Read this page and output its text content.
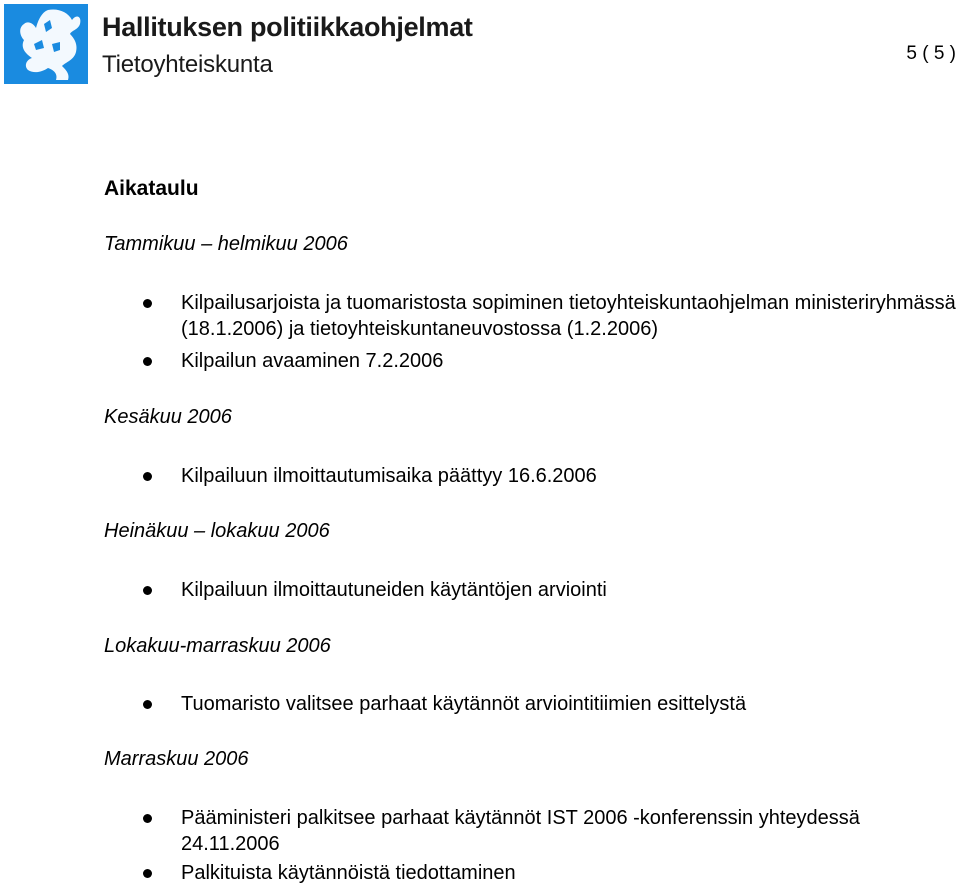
Hallituksen politiikkaohjelmat
Tietoyhteiskunta	5 ( 5 )
Aikataulu
Tammikuu – helmikuu 2006
Kilpailusarjoista ja tuomaristosta sopiminen tietoyhteiskuntaohjelman ministeriryhmässä (18.1.2006) ja tietoyhteiskuntaneuvostossa (1.2.2006)
Kilpailun avaaminen 7.2.2006
Kesäkuu 2006
Kilpailuun ilmoittautumisaika päättyy 16.6.2006
Heinäkuu – lokakuu 2006
Kilpailuun ilmoittautuneiden käytäntöjen arviointi
Lokakuu-marraskuu 2006
Tuomaristo valitsee parhaat käytännöt arviointitiimien esittelystä
Marraskuu 2006
Pääministeri palkitsee parhaat käytännöt IST 2006 -konferenssin yhteydessä 24.11.2006
Palkituista käytännöistä tiedottaminen
